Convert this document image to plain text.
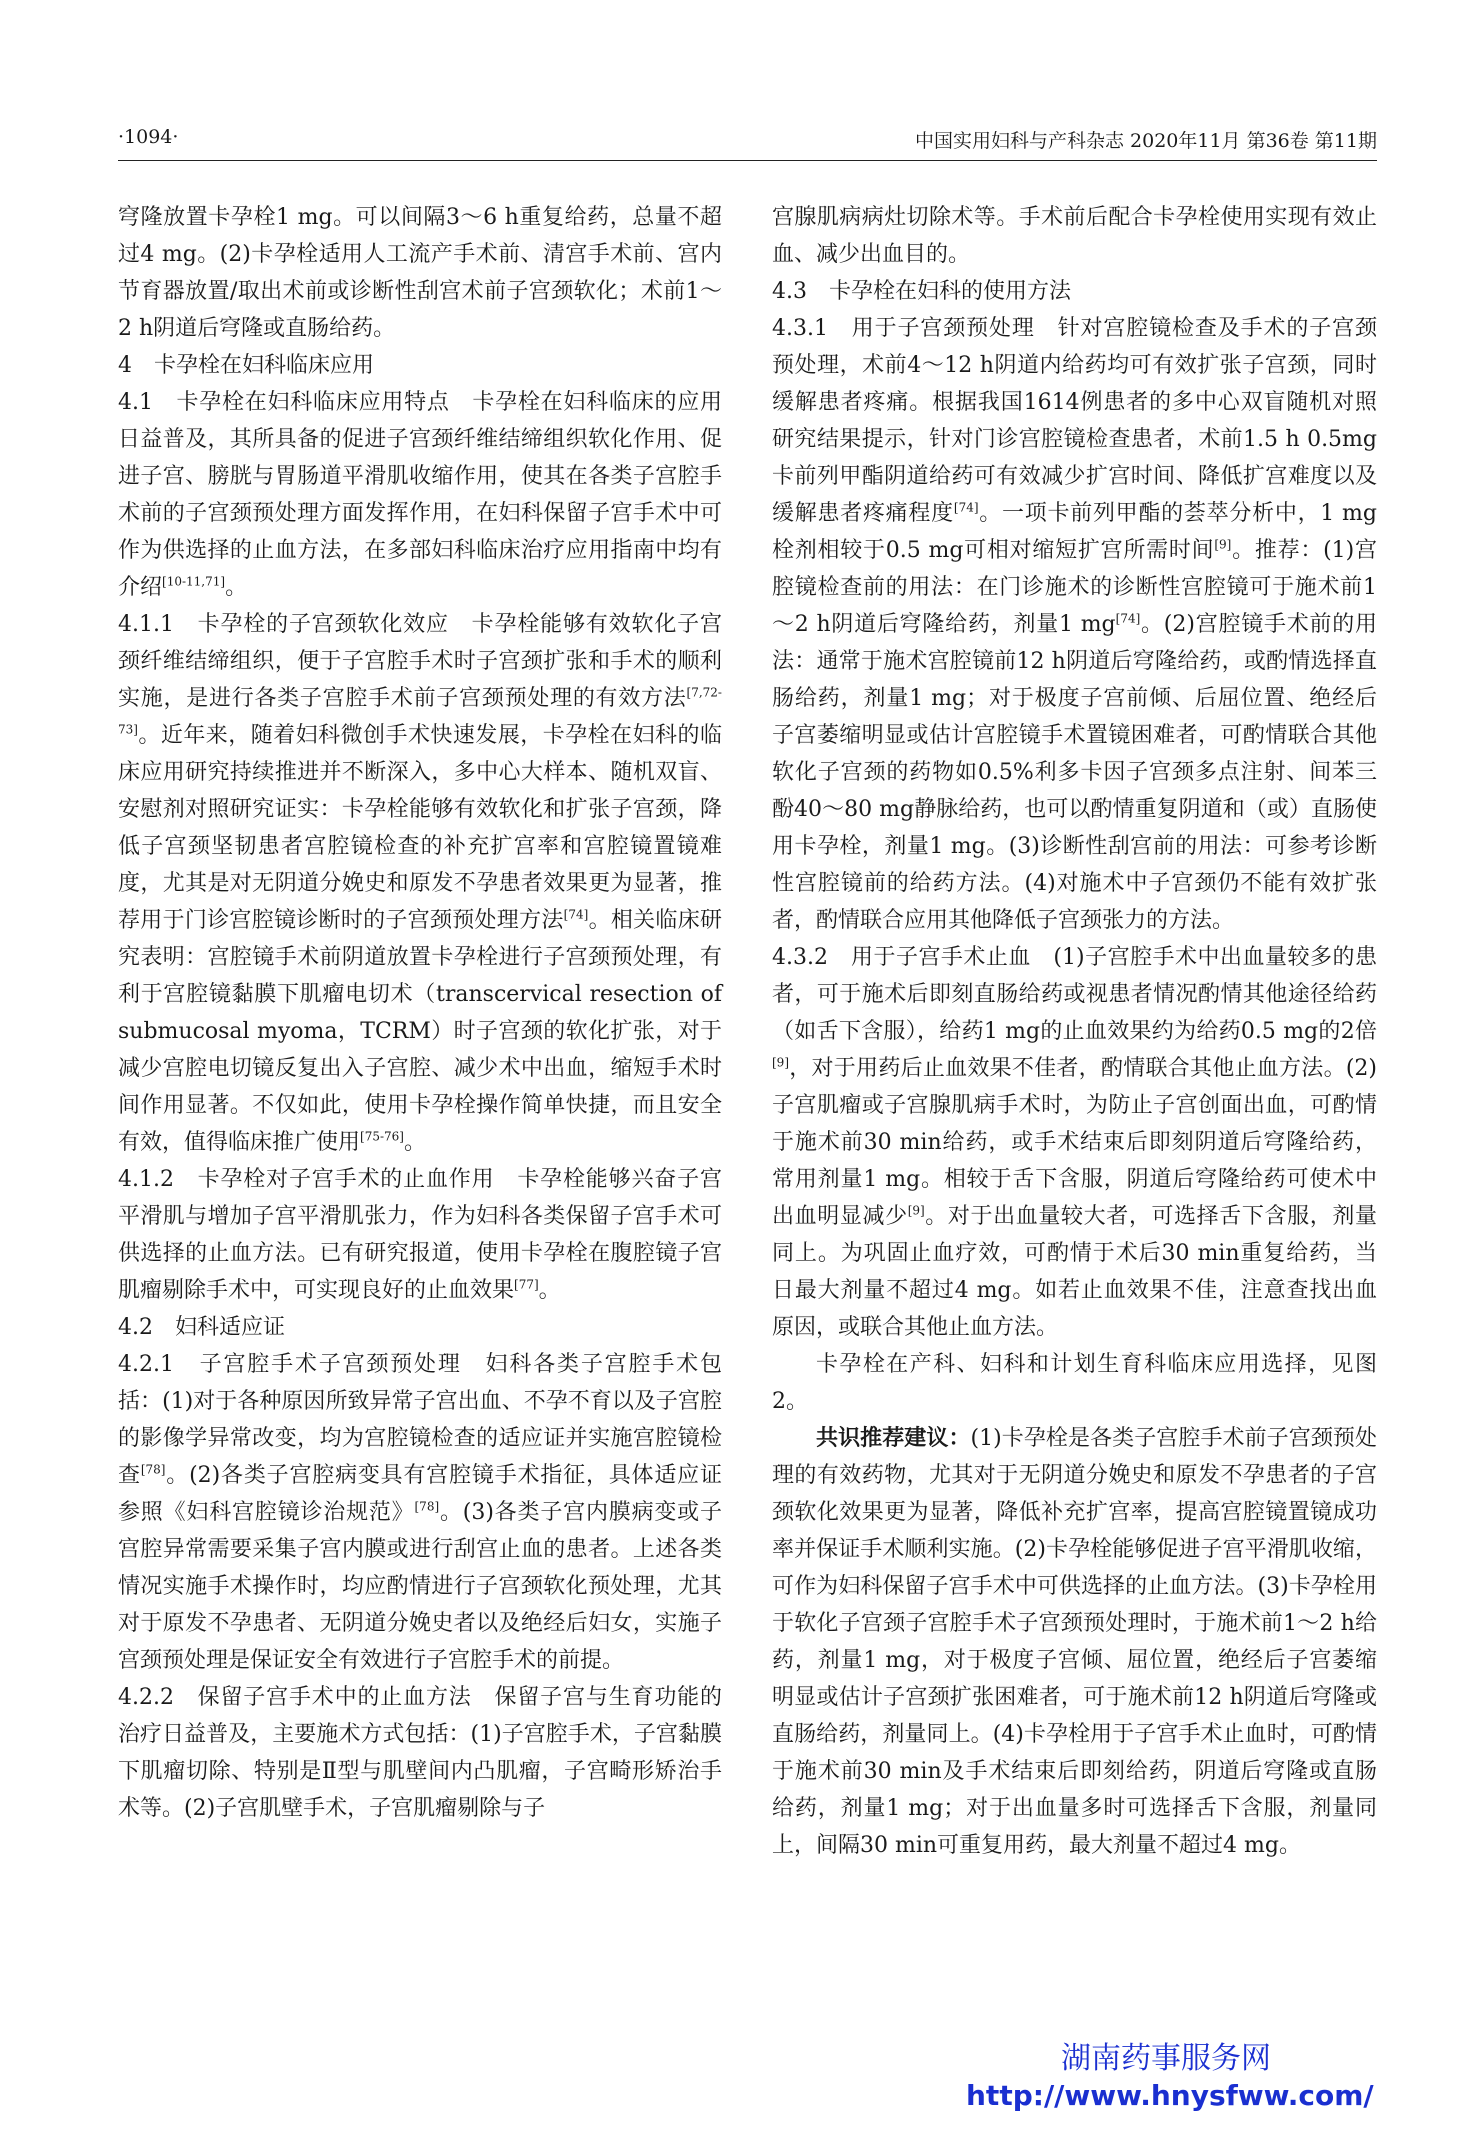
·1094·	中国实用妇科与产科杂志 2020年11月 第36卷 第11期

穹隆放置卡孕栓1 mg。可以间隔3～6 h重复给药，总量不超过4 mg。(2)卡孕栓适用人工流产手术前、清宫手术前、宫内节育器放置/取出术前或诊断性刮宫术前子宫颈软化；术前1～2 h阴道后穹隆或直肠给药。

4　卡孕栓在妇科临床应用

4.1　卡孕栓在妇科临床应用特点　 卡孕栓在妇科临床的应用日益普及，其所具备的促进子宫颈纤维结缔组织软化作用、促进子宫、膀胱与胃肠道平滑肌收缩作用，使其在各类子宫腔手术前的子宫颈预处理方面发挥作用，在妇科保留子宫手术中可作为供选择的止血方法，在多部妇科临床治疗应用指南中均有介绍[10-11,71]。

4.1.1　卡孕栓的子宫颈软化效应　 卡孕栓能够有效软化子宫颈纤维结缔组织，便于子宫腔手术时子宫颈扩张和手术的顺利实施，是进行各类子宫腔手术前子宫颈预处理的有效方法[7,72-73]。近年来，随着妇科微创手术快速发展，卡孕栓在妇科的临床应用研究持续推进并不断深入，多中心大样本、随机双盲、安慰剂对照研究证实：卡孕栓能够有效软化和扩张子宫颈，降低子宫颈坚韧患者宫腔镜检查的补充扩宫率和宫腔镜置镜难度，尤其是对无阴道分娩史和原发不孕患者效果更为显著，推荐用于门诊宫腔镜诊断时的子宫颈预处理方法[74]。相关临床研究表明：宫腔镜手术前阴道放置卡孕栓进行子宫颈预处理，有利于宫腔镜黏膜下肌瘤电切术（transcervical resection of submucosal myoma，TCRM）时子宫颈的软化扩张，对于减少宫腔电切镜反复出入子宫腔、减少术中出血，缩短手术时间作用显著。不仅如此，使用卡孕栓操作简单快捷，而且安全有效，值得临床推广使用[75-76]。

4.1.2　卡孕栓对子宫手术的止血作用　 卡孕栓能够兴奋子宫平滑肌与增加子宫平滑肌张力，作为妇科各类保留子宫手术可供选择的止血方法。已有研究报道，使用卡孕栓在腹腔镜子宫肌瘤剔除手术中，可实现良好的止血效果[77]。

4.2　妇科适应证

4.2.1　子宫腔手术子宫颈预处理　 妇科各类子宫腔手术包括：(1)对于各种原因所致异常子宫出血、不孕不育以及子宫腔的影像学异常改变，均为宫腔镜检查的适应证并实施宫腔镜检查[78]。(2)各类子宫腔病变具有宫腔镜手术指征，具体适应证参照《妇科宫腔镜诊治规范》[78]。(3)各类子宫内膜病变或子宫腔异常需要采集子宫内膜或进行刮宫止血的患者。上述各类情况实施手术操作时，均应酌情进行子宫颈软化预处理，尤其对于原发不孕患者、无阴道分娩史者以及绝经后妇女，实施子宫颈预处理是保证安全有效进行子宫腔手术的前提。

4.2.2　保留子宫手术中的止血方法　 保留子宫与生育功能的治疗日益普及，主要施术方式包括：(1)子宫腔手术，子宫黏膜下肌瘤切除、特别是Ⅱ型与肌壁间内凸肌瘤，子宫畸形矫治手术等。(2)子宫肌壁手术，子宫肌瘤剔除与子

宫腺肌病病灶切除术等。手术前后配合卡孕栓使用实现有效止血、减少出血目的。

4.3　卡孕栓在妇科的使用方法

4.3.1　用于子宫颈预处理　 针对宫腔镜检查及手术的子宫颈预处理，术前4～12 h阴道内给药均可有效扩张子宫颈，同时缓解患者疼痛。根据我国1614例患者的多中心双盲随机对照研究结果提示，针对门诊宫腔镜检查患者，术前1.5 h 0.5mg卡前列甲酯阴道给药可有效减少扩宫时间、降低扩宫难度以及缓解患者疼痛程度[74]。一项卡前列甲酯的荟萃分析中，1 mg栓剂相较于0.5 mg可相对缩短扩宫所需时间[9]。推荐：(1)宫腔镜检查前的用法：在门诊施术的诊断性宫腔镜可于施术前1～2 h阴道后穹隆给药，剂量1 mg[74]。(2)宫腔镜手术前的用法：通常于施术宫腔镜前12 h阴道后穹隆给药，或酌情选择直肠给药，剂量1 mg；对于极度子宫前倾、后屈位置、绝经后子宫萎缩明显或估计宫腔镜手术置镜困难者，可酌情联合其他软化子宫颈的药物如0.5%利多卡因子宫颈多点注射、间苯三酚40～80 mg静脉给药，也可以酌情重复阴道和（或）直肠使用卡孕栓，剂量1 mg。(3)诊断性刮宫前的用法：可参考诊断性宫腔镜前的给药方法。(4)对施术中子宫颈仍不能有效扩张者，酌情联合应用其他降低子宫颈张力的方法。

4.3.2　用于子宫手术止血　 (1)子宫腔手术中出血量较多的患者，可于施术后即刻直肠给药或视患者情况酌情其他途径给药（如舌下含服），给药1 mg的止血效果约为给药0.5 mg的2倍[9]，对于用药后止血效果不佳者，酌情联合其他止血方法。(2)子宫肌瘤或子宫腺肌病手术时，为防止子宫创面出血，可酌情于施术前30 min给药，或手术结束后即刻阴道后穹隆给药，常用剂量1 mg。相较于舌下含服，阴道后穹隆给药可使术中出血明显减少[9]。对于出血量较大者，可选择舌下含服，剂量同上。为巩固止血疗效，可酌情于术后30 min重复给药，当日最大剂量不超过4 mg。如若止血效果不佳，注意查找出血原因，或联合其他止血方法。

卡孕栓在产科、妇科和计划生育科临床应用选择，见图2。

共识推荐建议：(1)卡孕栓是各类子宫腔手术前子宫颈预处理的有效药物，尤其对于无阴道分娩史和原发不孕患者的子宫颈软化效果更为显著，降低补充扩宫率，提高宫腔镜置镜成功率并保证手术顺利实施。(2)卡孕栓能够促进子宫平滑肌收缩，可作为妇科保留子宫手术中可供选择的止血方法。(3)卡孕栓用于软化子宫颈子宫腔手术子宫颈预处理时，于施术前1～2 h给药，剂量1 mg，对于极度子宫倾、屈位置，绝经后子宫萎缩明显或估计子宫颈扩张困难者，可于施术前12 h阴道后穹隆或直肠给药，剂量同上。(4)卡孕栓用于子宫手术止血时，可酌情于施术前30 min及手术结束后即刻给药，阴道后穹隆或直肠给药，剂量1 mg；对于出血量多时可选择舌下含服，剂量同上，间隔30 min可重复用药，最大剂量不超过4 mg。

湖南药事服务网
http://www.hnysfww.com/
